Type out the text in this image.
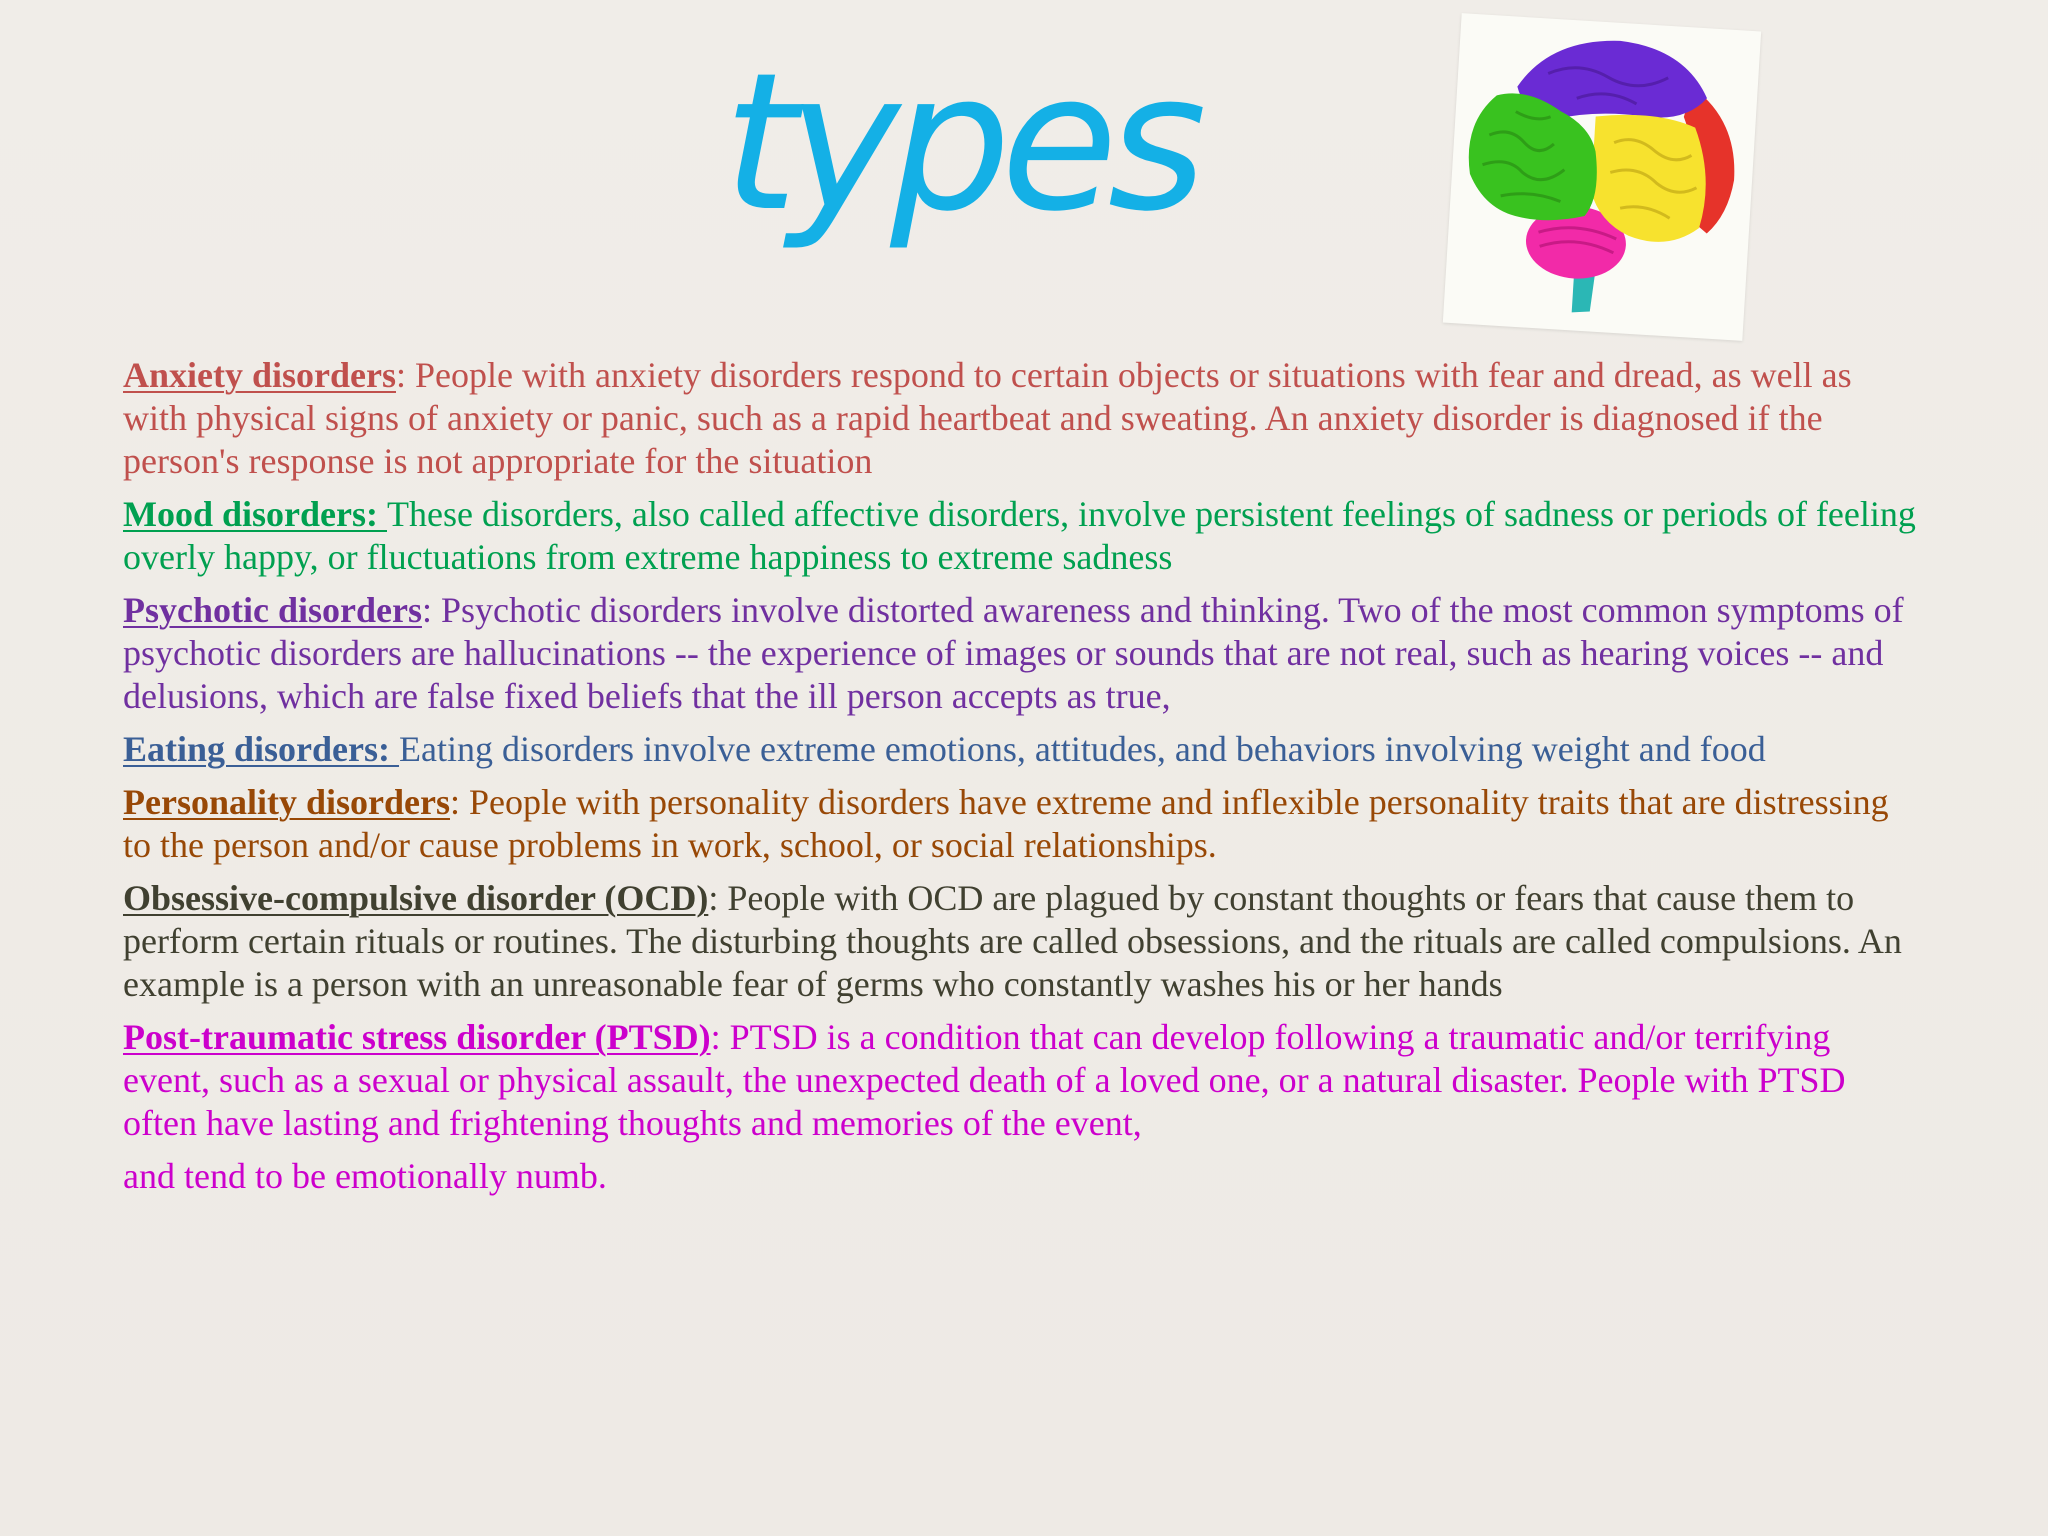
types

Anxiety disorders: People with anxiety disorders respond to certain objects or situations with fear and dread, as well as with physical signs of anxiety or panic, such as a rapid heartbeat and sweating. An anxiety disorder is diagnosed if the person's response is not appropriate for the situation

Mood disorders: These disorders, also called affective disorders, involve persistent feelings of sadness or periods of feeling overly happy, or fluctuations from extreme happiness to extreme sadness

Psychotic disorders: Psychotic disorders involve distorted awareness and thinking. Two of the most common symptoms of psychotic disorders are hallucinations -- the experience of images or sounds that are not real, such as hearing voices -- and delusions, which are false fixed beliefs that the ill person accepts as true,

Eating disorders: Eating disorders involve extreme emotions, attitudes, and behaviors involving weight and food

Personality disorders: People with personality disorders have extreme and inflexible personality traits that are distressing to the person and/or cause problems in work, school, or social relationships.

Obsessive-compulsive disorder (OCD): People with OCD are plagued by constant thoughts or fears that cause them to perform certain rituals or routines. The disturbing thoughts are called obsessions, and the rituals are called compulsions. An example is a person with an unreasonable fear of germs who constantly washes his or her hands

Post-traumatic stress disorder (PTSD): PTSD is a condition that can develop following a traumatic and/or terrifying event, such as a sexual or physical assault, the unexpected death of a loved one, or a natural disaster. People with PTSD often have lasting and frightening thoughts and memories of the event,

and tend to be emotionally numb.
